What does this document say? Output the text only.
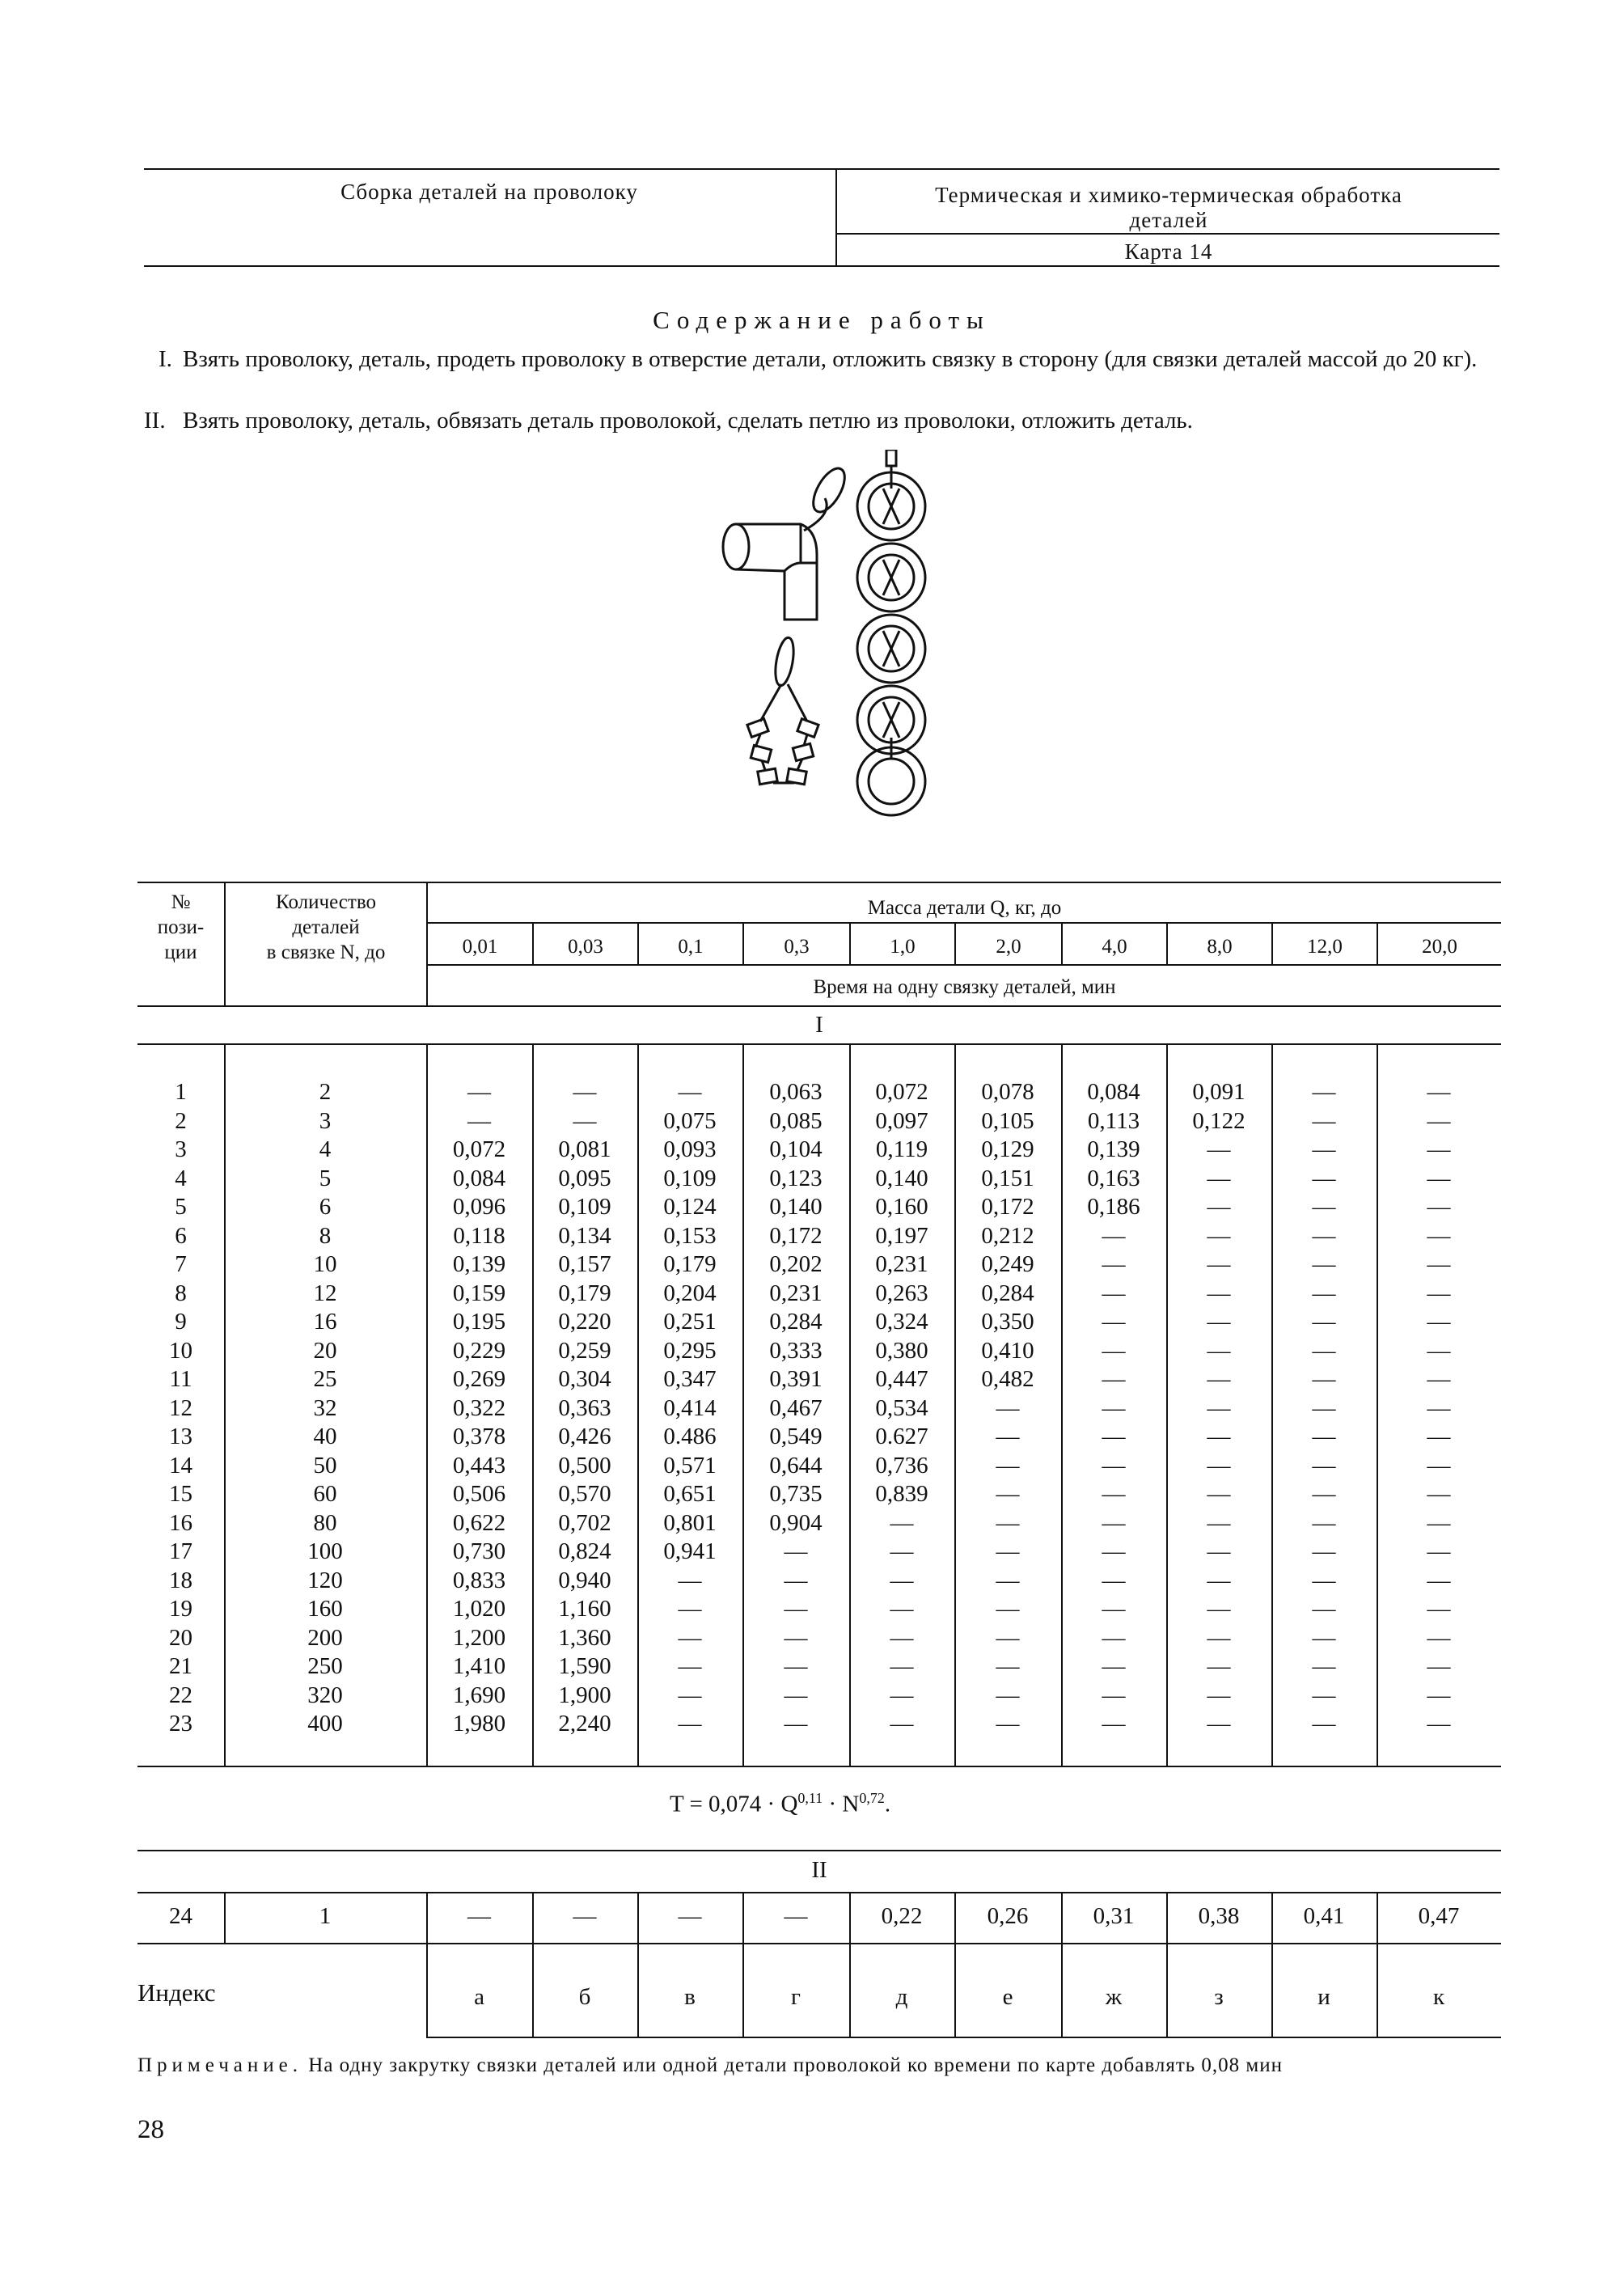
Сборка деталей на проволоку	Термическая и химико-термическая обработка
деталей
Карта 14
Содержание работы
I. Взять проволоку, деталь, продеть проволоку в отверстие детали, отложить связку в сторону (для связки деталей массой до 20 кг).
II. Взять проволоку, деталь, обвязать деталь проволокой, сделать петлю из проволоки, отложить деталь.
№
пози-
ции
Количество
деталей
в связке N, до
Масса детали Q, кг, до
0,01	0,03	0,1	0,3	1,0	2,0	4,0	8,0	12,0	20,0
Время на одну связку деталей, мин
I
1	2	—	—	—	0,063	0,072	0,078	0,084	0,091	—	—
2	3	—	—	0,075	0,085	0,097	0,105	0,113	0,122	—	—
3	4	0,072	0,081	0,093	0,104	0,119	0,129	0,139	—	—	—
4	5	0,084	0,095	0,109	0,123	0,140	0,151	0,163	—	—	—
5	6	0,096	0,109	0,124	0,140	0,160	0,172	0,186	—	—	—
6	8	0,118	0,134	0,153	0,172	0,197	0,212	—	—	—	—
7	10	0,139	0,157	0,179	0,202	0,231	0,249	—	—	—	—
8	12	0,159	0,179	0,204	0,231	0,263	0,284	—	—	—	—
9	16	0,195	0,220	0,251	0,284	0,324	0,350	—	—	—	—
10	20	0,229	0,259	0,295	0,333	0,380	0,410	—	—	—	—
11	25	0,269	0,304	0,347	0,391	0,447	0,482	—	—	—	—
12	32	0,322	0,363	0,414	0,467	0,534	—	—	—	—	—
13	40	0,378	0,426	0.486	0,549	0.627	—	—	—	—	—
14	50	0,443	0,500	0,571	0,644	0,736	—	—	—	—	—
15	60	0,506	0,570	0,651	0,735	0,839	—	—	—	—	—
16	80	0,622	0,702	0,801	0,904	—	—	—	—	—	—
17	100	0,730	0,824	0,941	—	—	—	—	—	—	—
18	120	0,833	0,940	—	—	—	—	—	—	—	—
19	160	1,020	1,160	—	—	—	—	—	—	—	—
20	200	1,200	1,360	—	—	—	—	—	—	—	—
21	250	1,410	1,590	—	—	—	—	—	—	—	—
22	320	1,690	1,900	—	—	—	—	—	—	—	—
23	400	1,980	2,240	—	—	—	—	—	—	—	—
T = 0,074 · Q$^{0,11}$ · N$^{0,72}$.
II
24	1	—	—	—	—	0,22	0,26	0,31	0,38	0,41	0,47
Индекс	а	б	в	г	д	е	ж	з	и	к
Примечание. На одну закрутку связки деталей или одной детали проволокой ко времени по карте добавлять 0,08 мин
28
